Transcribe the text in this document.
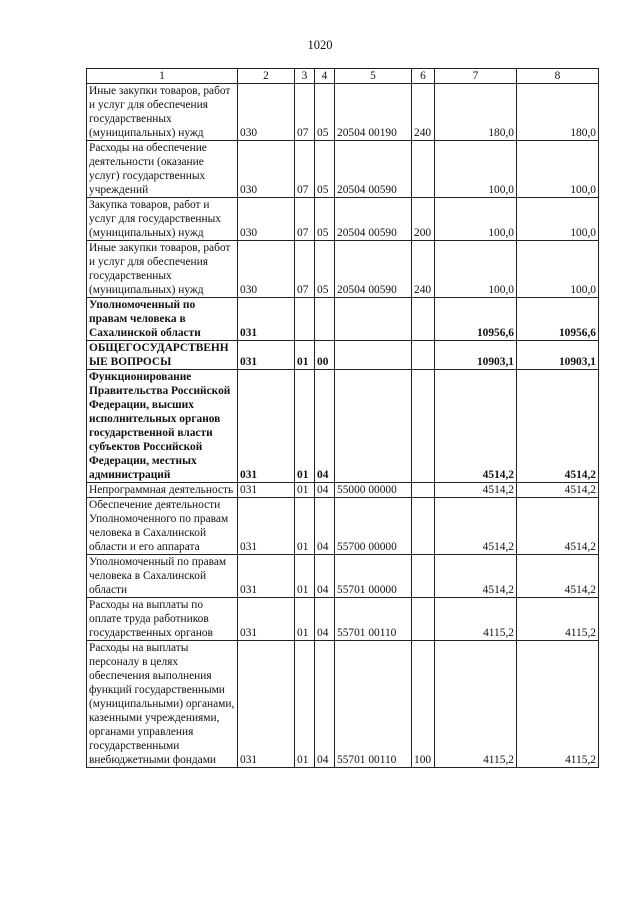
1020
1	2	3	4	5	6	7	8
Иные закупки товаров, работ и услуг для обеспечения государственных (муниципальных) нужд	030	07	05	20504 00190	240	180,0	180,0
Расходы на обеспечение деятельности (оказание услуг) государственных учреждений	030	07	05	20504 00590		100,0	100,0
Закупка товаров, работ и услуг для государственных (муниципальных) нужд	030	07	05	20504 00590	200	100,0	100,0
Иные закупки товаров, работ и услуг для обеспечения государственных (муниципальных) нужд	030	07	05	20504 00590	240	100,0	100,0
Уполномоченный по правам человека в Сахалинской области	031					10956,6	10956,6
ОБЩЕГОСУДАРСТВЕННЫЕ ВОПРОСЫ	031	01	00			10903,1	10903,1
Функционирование Правительства Российской Федерации, высших исполнительных органов государственной власти субъектов Российской Федерации, местных администраций	031	01	04			4514,2	4514,2
Непрограммная деятельность	031	01	04	55000 00000		4514,2	4514,2
Обеспечение деятельности Уполномоченного по правам человека в Сахалинской области и его аппарата	031	01	04	55700 00000		4514,2	4514,2
Уполномоченный по правам человека в Сахалинской области	031	01	04	55701 00000		4514,2	4514,2
Расходы на выплаты по оплате труда работников государственных органов	031	01	04	55701 00110		4115,2	4115,2
Расходы на выплаты персоналу в целях обеспечения выполнения функций государственными (муниципальными) органами, казенными учреждениями, органами управления государственными внебюджетными фондами	031	01	04	55701 00110	100	4115,2	4115,2
